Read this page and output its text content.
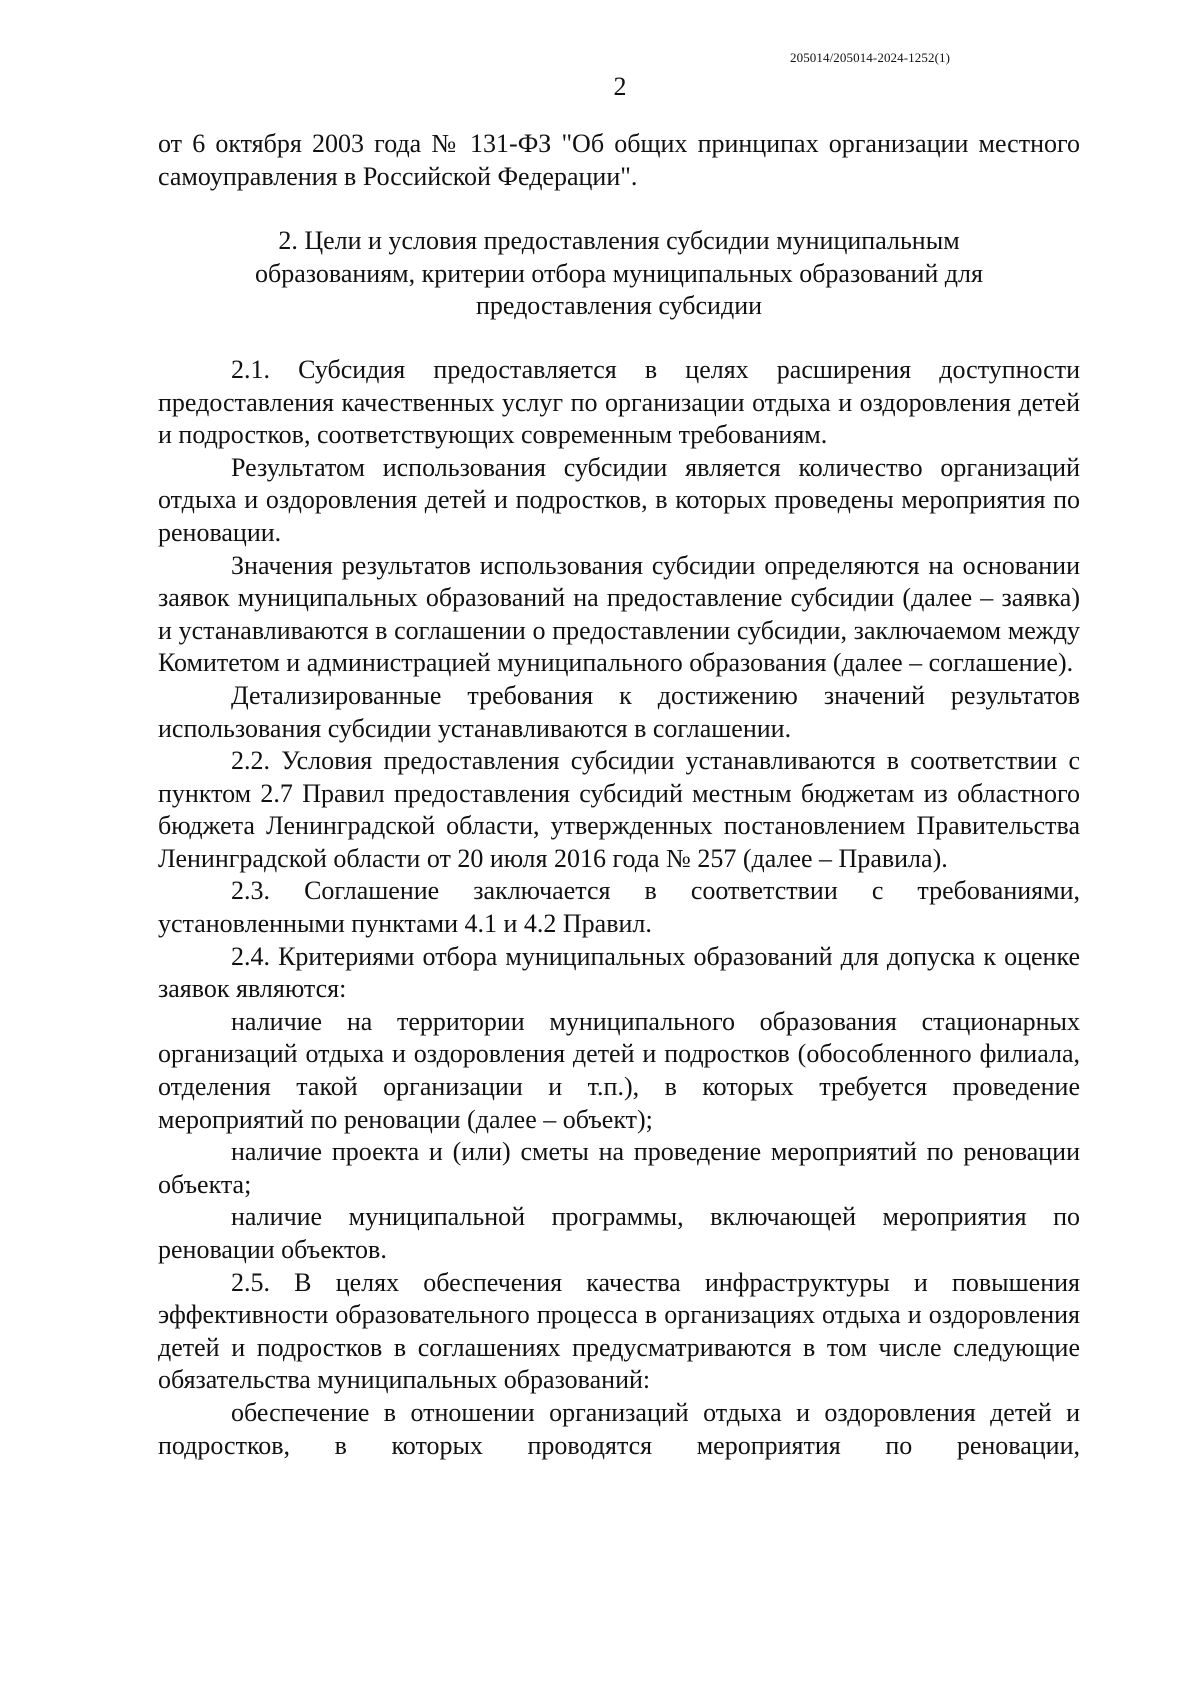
205014/205014-2024-1252(1)
2

от 6 октября 2003 года № 131-ФЗ "Об общих принципах организации местного самоуправления в Российской Федерации".

2. Цели и условия предоставления субсидии муниципальным образованиям, критерии отбора муниципальных образований для предоставления субсидии

2.1. Субсидия предоставляется в целях расширения доступности предоставления качественных услуг по организации отдыха и оздоровления детей и подростков, соответствующих современным требованиям.

Результатом использования субсидии является количество организаций отдыха и оздоровления детей и подростков, в которых проведены мероприятия по реновации.

Значения результатов использования субсидии определяются на основании заявок муниципальных образований на предоставление субсидии (далее – заявка) и устанавливаются в соглашении о предоставлении субсидии, заключаемом между Комитетом и администрацией муниципального образования (далее – соглашение).

Детализированные требования к достижению значений результатов использования субсидии устанавливаются в соглашении.

2.2. Условия предоставления субсидии устанавливаются в соответствии с пунктом 2.7 Правил предоставления субсидий местным бюджетам из областного бюджета Ленинградской области, утвержденных постановлением Правительства Ленинградской области от 20 июля 2016 года № 257 (далее – Правила).

2.3. Соглашение заключается в соответствии с требованиями, установленными пунктами 4.1 и 4.2 Правил.

2.4. Критериями отбора муниципальных образований для допуска к оценке заявок являются:

наличие на территории муниципального образования стационарных организаций отдыха и оздоровления детей и подростков (обособленного филиала, отделения такой организации и т.п.), в которых требуется проведение мероприятий по реновации (далее – объект);

наличие проекта и (или) сметы на проведение мероприятий по реновации объекта;

наличие муниципальной программы, включающей мероприятия по реновации объектов.

2.5. В целях обеспечения качества инфраструктуры и повышения эффективности образовательного процесса в организациях отдыха и оздоровления детей и подростков в соглашениях предусматриваются в том числе следующие обязательства муниципальных образований:

обеспечение в отношении организаций отдыха и оздоровления детей и подростков, в которых проводятся мероприятия по реновации,
